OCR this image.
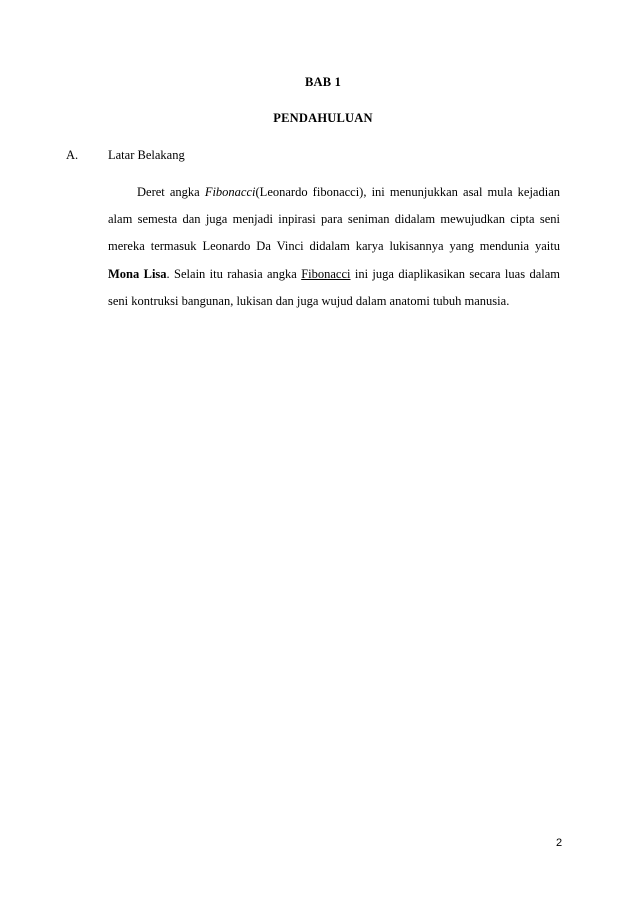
BAB 1
PENDAHULUAN
A. Latar Belakang

Deret angka Fibonacci(Leonardo fibonacci), ini menunjukkan asal mula kejadian alam semesta dan juga menjadi inpirasi para seniman didalam mewujudkan cipta seni mereka termasuk Leonardo Da Vinci didalam karya lukisannya yang mendunia yaitu Mona Lisa. Selain itu rahasia angka Fibonacci ini juga diaplikasikan secara luas dalam seni kontruksi bangunan, lukisan dan juga wujud dalam anatomi tubuh manusia.

2
